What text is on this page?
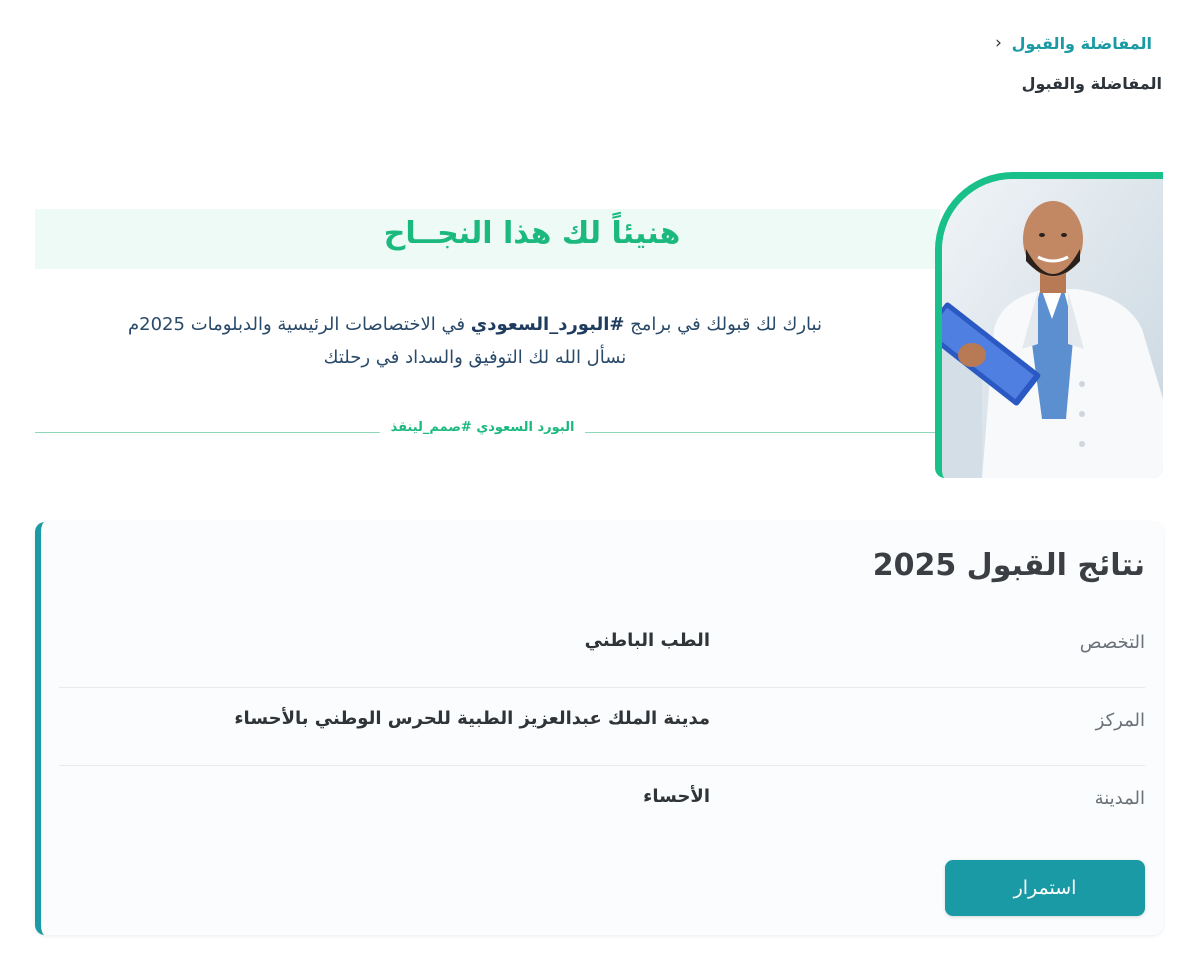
المفاضلة والقبول
›
المفاضلة والقبول
هنيئاً لك هذا النجــاح
نبارك لك قبولك في برامج #البورد_السعودي في الاختصاصات الرئيسية والدبلومات 2025م
نسأل الله لك التوفيق والسداد في رحلتك
البورد السعودي #صمم_لينقذ
نتائج القبول 2025
التخصص
الطب الباطني
المركز
مدينة الملك عبدالعزيز الطبية للحرس الوطني بالأحساء
المدينة
الأحساء
استمرار
